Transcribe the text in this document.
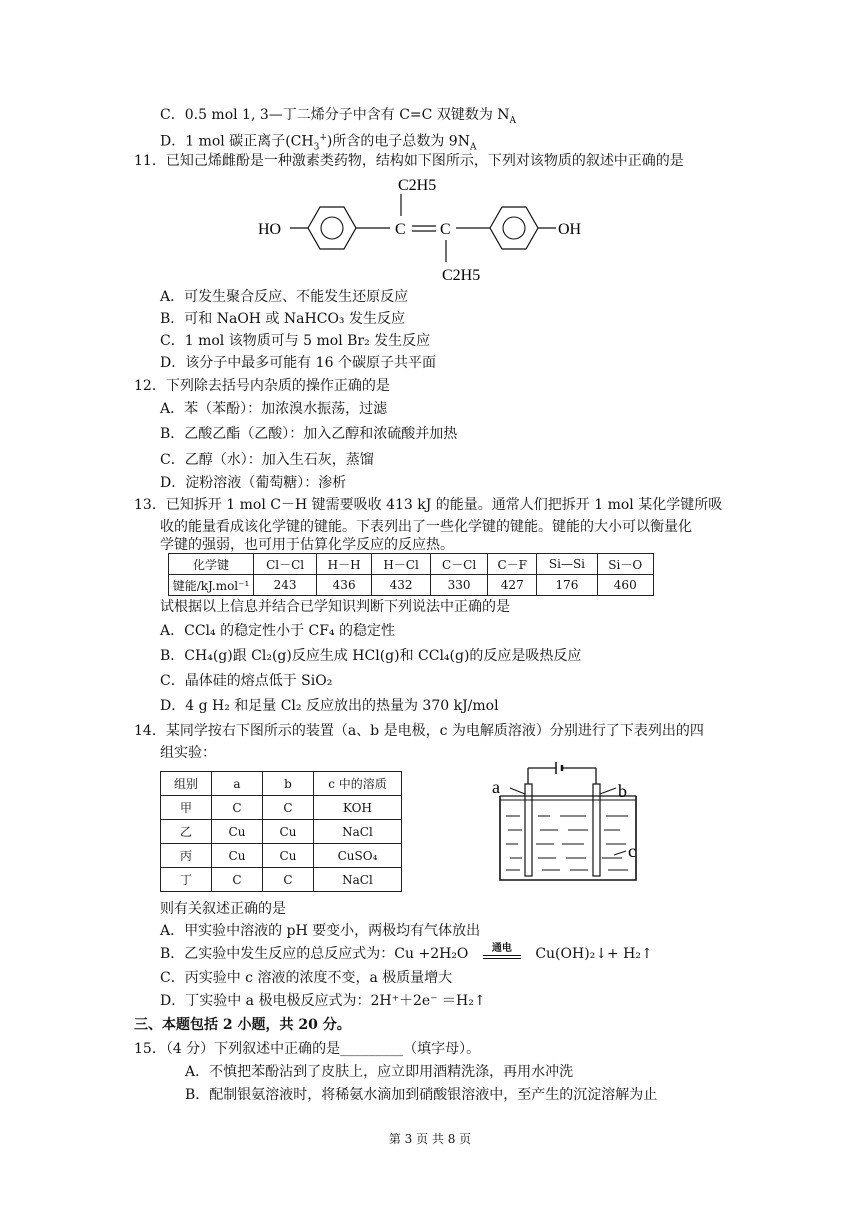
C．0.5 mol 1, 3—丁二烯分子中含有 C=C 双键数为 $N_A$
D．1 mol 碳正离子$(CH_3^+)$所含的电子总数为 $9N_A$
11．已知己烯雌酚是一种激素类药物，结构如下图所示，下列对该物质的叙述中正确的是
HO	OH
C C
C2H5
C2H5
A．可发生聚合反应、不能发生还原反应
B．可和 NaOH 或 NaHCO₃ 发生反应
C．1 mol 该物质可与 5 mol Br₂ 发生反应
D．该分子中最多可能有 16 个碳原子共平面
12．下列除去括号内杂质的操作正确的是
A．苯（苯酚）：加浓溴水振荡，过滤
B．乙酸乙酯（乙酸）：加入乙醇和浓硫酸并加热
C．乙醇（水）：加入生石灰，蒸馏
D．淀粉溶液（葡萄糖）：渗析
13．已知拆开 1 mol C－H 键需要吸收 413 kJ 的能量。通常人们把拆开 1 mol 某化学键所吸
收的能量看成该化学键的键能。下表列出了一些化学键的键能。键能的大小可以衡量化
学键的强弱，也可用于估算化学反应的反应热。
化学键	Cl－Cl	H－H	H－Cl	C－Cl	C－F	Si—Si	Si－O
键能/kJ.mol⁻¹	243	436	432	330	427	176	460
试根据以上信息并结合已学知识判断下列说法中正确的是
A．CCl₄ 的稳定性小于 CF₄ 的稳定性
B．CH₄(g)跟 Cl₂(g)反应生成 HCl(g)和 CCl₄(g)的反应是吸热反应
C．晶体硅的熔点低于 SiO₂
D．4 g H₂ 和足量 Cl₂ 反应放出的热量为 370 kJ/mol
14．某同学按右下图所示的装置（a、b 是电极，c 为电解质溶液）分别进行了下表列出的四
组实验：
组别	a	b	c 中的溶质
甲	C	C	KOH
乙	Cu	Cu	NaCl
丙	Cu	Cu	CuSO₄
丁	C	C	NaCl
a	b
c
则有关叙述正确的是
A．甲实验中溶液的 pH 要变小，两极均有气体放出
B．乙实验中发生反应的总反应式为：Cu +2H₂O	通电	Cu(OH)₂↓+ H₂↑
C．丙实验中 c 溶液的浓度不变，a 极质量增大
D．丁实验中 a 极电极反应式为：2H⁺＋2e⁻ ＝H₂↑
三、本题包括 2 小题，共 20 分。
15．（4 分）下列叙述中正确的是_________（填字母）。
A．不慎把苯酚沾到了皮肤上，应立即用酒精洗涤，再用水冲洗
B．配制银氨溶液时，将稀氨水滴加到硝酸银溶液中，至产生的沉淀溶解为止
第 3 页 共 8 页
